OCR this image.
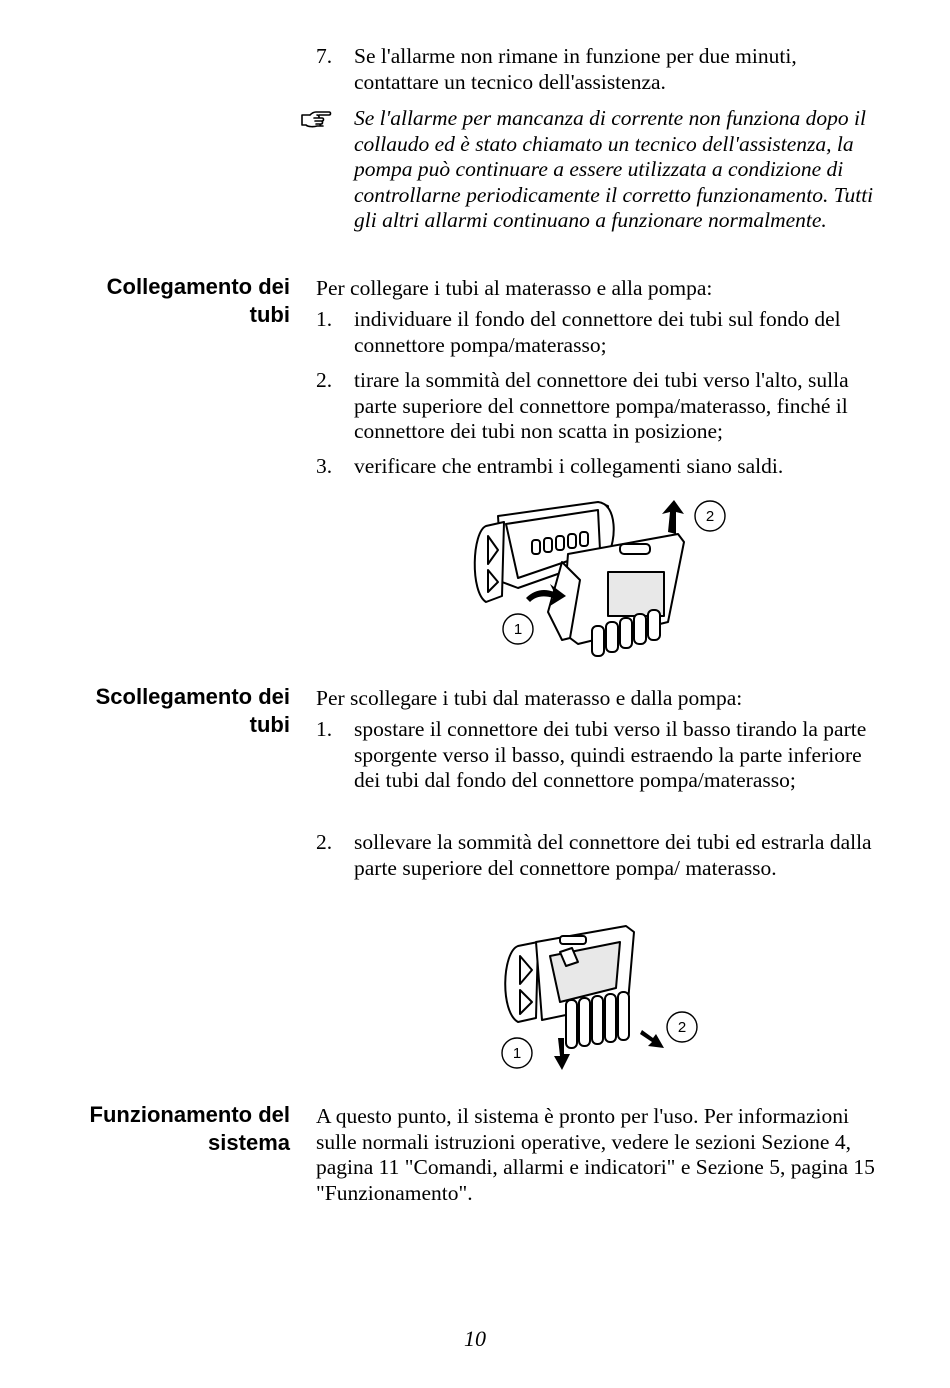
7. Se l'allarme non rimane in funzione per due minuti, contattare un tecnico dell'assistenza.
Se l'allarme per mancanza di corrente non funziona dopo il collaudo ed è stato chiamato un tecnico dell'assistenza, la pompa può continuare a essere utilizzata a condizione di controllarne periodicamente il corretto funzionamento. Tutti gli altri allarmi continuano a funzionare normalmente.
Collegamento dei
tubi
Per collegare i tubi al materasso e alla pompa:
1. individuare il fondo del connettore dei tubi sul fondo del connettore pompa/materasso;
2. tirare la sommità del connettore dei tubi verso l'alto, sulla parte superiore del connettore pompa/materasso, finché il connettore dei tubi non scatta in posizione;
3. verificare che entrambi i collegamenti siano saldi.
1
2
Scollegamento dei
tubi
Per scollegare i tubi dal materasso e dalla pompa:
1. spostare il connettore dei tubi verso il basso tirando la parte sporgente verso il basso, quindi estraendo la parte inferiore dei tubi dal fondo del connettore pompa/materasso;
2. sollevare la sommità del connettore dei tubi ed estrarla dalla parte superiore del connettore pompa/ materasso.
1
2
Funzionamento del
sistema
A questo punto, il sistema è pronto per l'uso. Per informazioni sulle normali istruzioni operative, vedere le sezioni Sezione 4, pagina 11 "Comandi, allarmi e indicatori" e Sezione 5, pagina 15 "Funzionamento".
10
